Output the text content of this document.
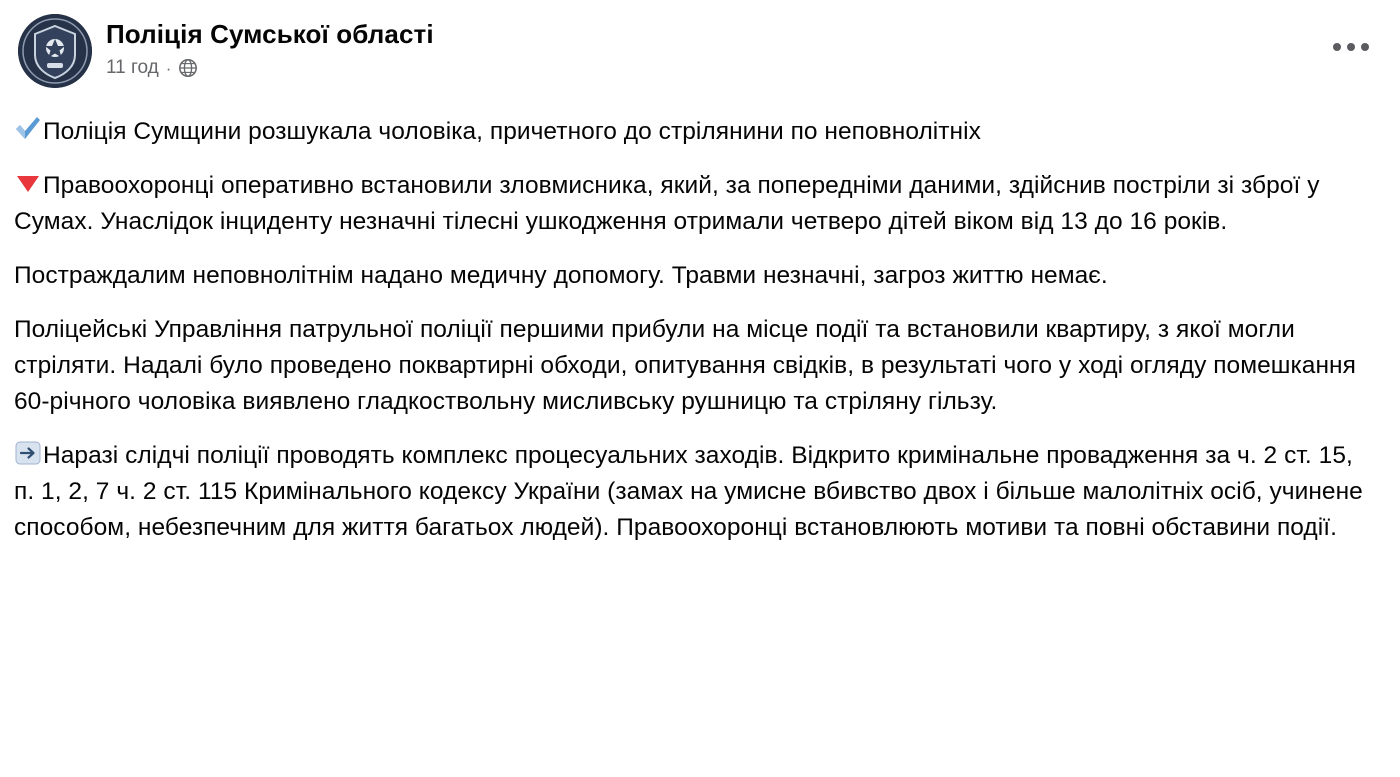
Поліція Сумської області
11 год ·

Поліція Сумщини розшукала чоловіка, причетного до стрілянини по неповнолітніх

Правоохоронці оперативно встановили зловмисника, який, за попередніми даними, здійснив постріли зі зброї у Сумах. Унаслідок інциденту незначні тілесні ушкодження отримали четверо дітей віком від 13 до 16 років.

Постраждалим неповнолітнім надано медичну допомогу. Травми незначні, загроз життю немає.

Поліцейські Управління патрульної поліції першими прибули на місце події та встановили квартиру, з якої могли стріляти. Надалі було проведено поквартирні обходи, опитування свідків, в результаті чого у ході огляду помешкання 60-річного чоловіка виявлено гладкоствольну мисливську рушницю та стріляну гільзу.

Наразі слідчі поліції проводять комплекс процесуальних заходів. Відкрито кримінальне провадження за ч. 2 ст. 15, п. 1, 2, 7 ч. 2 ст. 115 Кримінального кодексу України (замах на умисне вбивство двох і більше малолітніх осіб, учинене способом, небезпечним для життя багатьох людей). Правоохоронці встановлюють мотиви та повні обставини події.
